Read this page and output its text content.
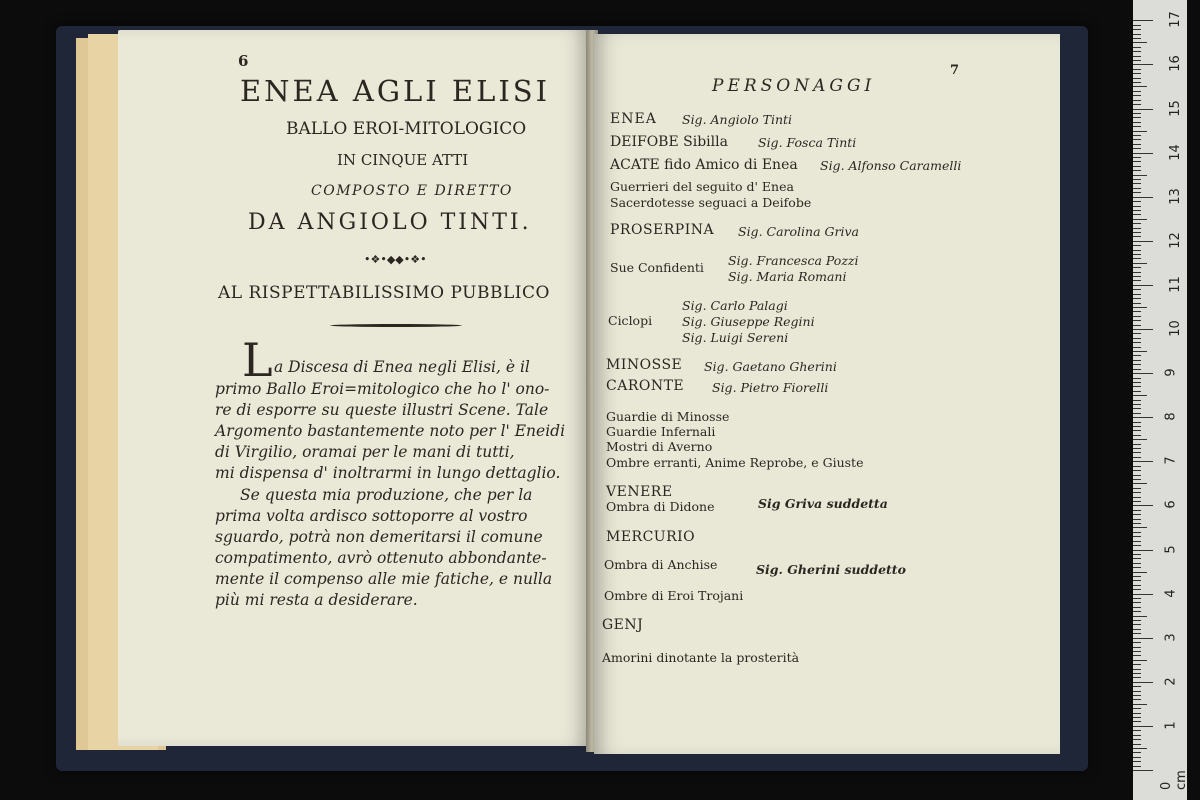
6

ENEA AGLI ELISI

BALLO EROI-MITOLOGICO

IN CINQUE ATTI

COMPOSTO E DIRETTO

DA ANGIOLO TINTI.

•❖•◆◆•❖•

AL RISPETTABILISSIMO PUBBLICO

L a Discesa di Enea negli Elisi, è il

primo Ballo Eroi=mitologico che ho l' ono-

re di esporre su queste illustri Scene. Tale

Argomento bastantemente noto per l' Eneidi

di Virgilio, oramai per le mani di tutti,

mi dispensa d' inoltrarmi in lungo dettaglio.

Se questa mia produzione, che per la

prima volta ardisco sottoporre al vostro

sguardo, potrà non demeritarsi il comune

compatimento, avrò ottenuto abbondante-

mente il compenso alle mie fatiche, e nulla

più mi resta a desiderare.

PERSONAGGI

7

ENEA Sig. Angiolo Tinti

DEIFOBE Sibilla Sig. Fosca Tinti

ACATE fido Amico di Enea Sig. Alfonso Caramelli

Guerrieri del seguito d' Enea

Sacerdotesse seguaci a Deifobe

PROSERPINA Sig. Carolina Griva

Sue Confidenti Sig. Francesca Pozzi

Sig. Maria Romani

Ciclopi

Sig. Carlo Palagi

Sig. Giuseppe Regini

Sig. Luigi Sereni

MINOSSE Sig. Gaetano Gherini

CARONTE Sig. Pietro Fiorelli

Guardie di Minosse

Guardie Infernali

Mostri di Averno

Ombre erranti, Anime Reprobe, e Giuste

VENERE

Ombra di Didone	Sig Griva suddetta

MERCURIO

Ombra di Anchise	Sig. Gherini suddetto

Ombre di Eroi Trojani

GENJ

Amorini dinotante la prosterità

0 cm
1
2
3
4
5
6
7
8
9
10
11
12
13
14
15
16
17
